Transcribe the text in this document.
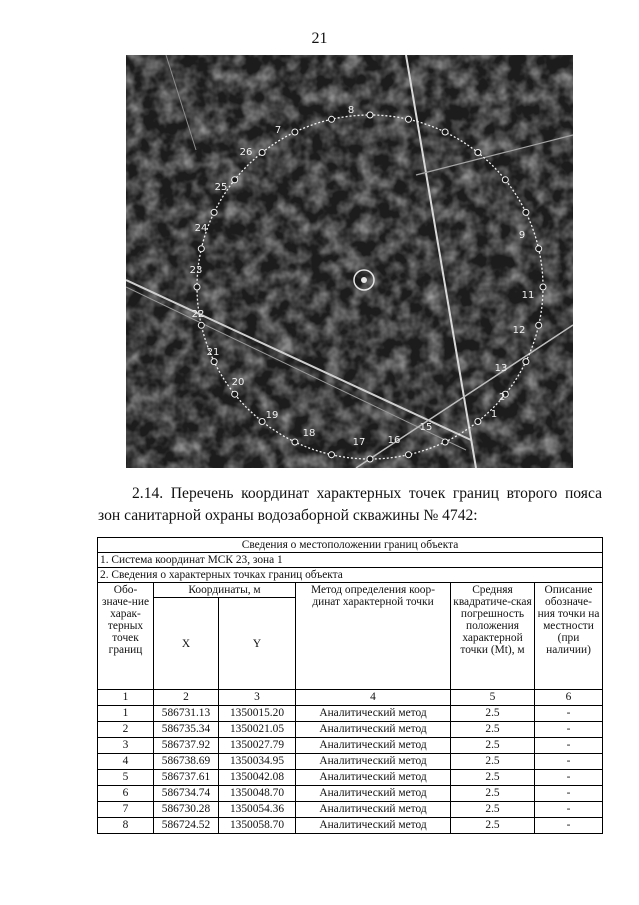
21
1
2
7
8
9
11
12
13
15
16
17
18
19
20
21
22
23
24
25
26
2.14. Перечень координат характерных точек границ второго пояса зон санитарной охраны водозаборной скважины № 4742:
Сведения о местоположении границ объекта					
1. Система координат МСК 23, зона 1					
2. Сведения о характерных точках границ объекта					
Обо-значе-ние харак-терных точек границ	Координаты, м		Метод определения коор-динат характерной точки	Средняя квадратиче-ская погрешность положения характерной точки (Mt), м	Описание обозначе-ния точки на местности (при наличии)
	X	Y			
1	2	3	4	5	6
1	586731.13	1350015.20	Аналитический метод	2.5	-
2	586735.34	1350021.05	Аналитический метод	2.5	-
3	586737.92	1350027.79	Аналитический метод	2.5	-
4	586738.69	1350034.95	Аналитический метод	2.5	-
5	586737.61	1350042.08	Аналитический метод	2.5	-
6	586734.74	1350048.70	Аналитический метод	2.5	-
7	586730.28	1350054.36	Аналитический метод	2.5	-
8	586724.52	1350058.70	Аналитический метод	2.5	-
